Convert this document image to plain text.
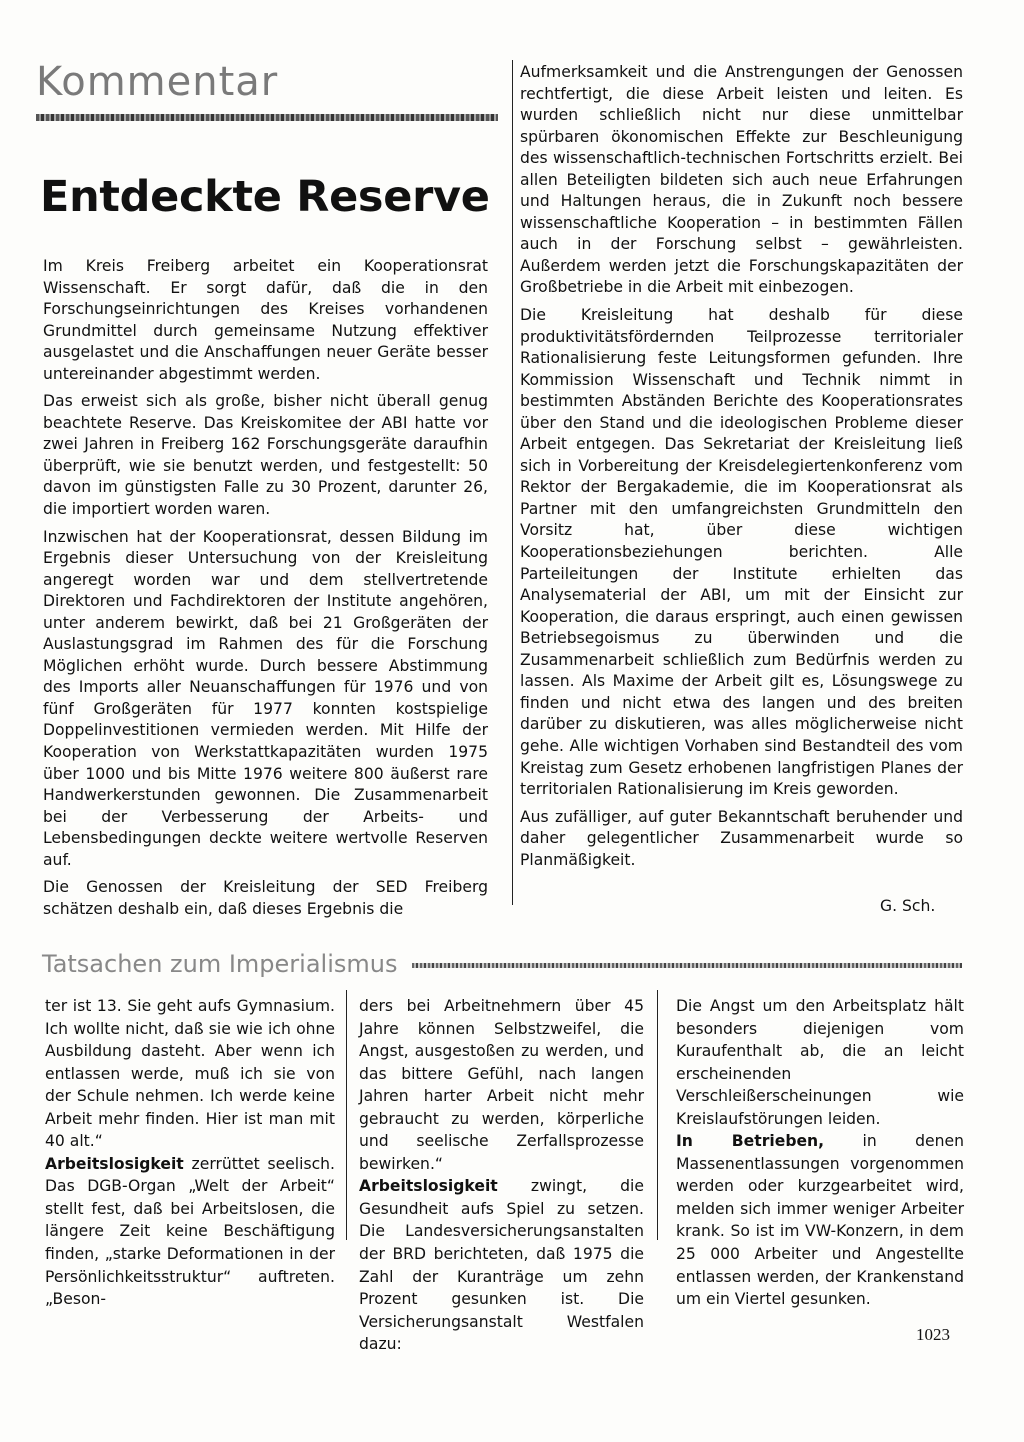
Kommentar
Entdeckte Reserve

Im Kreis Freiberg arbeitet ein Kooperationsrat Wissenschaft. Er sorgt dafür, daß die in den Forschungseinrichtungen des Kreises vorhandenen Grundmittel durch gemeinsame Nutzung effektiver ausgelastet und die Anschaffungen neuer Geräte besser untereinander abgestimmt werden.

Das erweist sich als große, bisher nicht überall genug beachtete Reserve. Das Kreiskomitee der ABI hatte vor zwei Jahren in Freiberg 162 Forschungsgeräte daraufhin überprüft, wie sie benutzt werden, und festgestellt: 50 davon im günstigsten Falle zu 30 Prozent, darunter 26, die importiert worden waren.

Inzwischen hat der Kooperationsrat, dessen Bildung im Ergebnis dieser Untersuchung von der Kreisleitung angeregt worden war und dem stellvertretende Direktoren und Fachdirektoren der Institute angehören, unter anderem bewirkt, daß bei 21 Großgeräten der Auslastungsgrad im Rahmen des für die Forschung Möglichen erhöht wurde. Durch bessere Abstimmung des Imports aller Neuanschaffungen für 1976 und von fünf Großgeräten für 1977 konnten kostspielige Doppelinvestitionen vermieden werden. Mit Hilfe der Kooperation von Werkstattkapazitäten wurden 1975 über 1000 und bis Mitte 1976 weitere 800 äußerst rare Handwerkerstunden gewonnen. Die Zusammenarbeit bei der Verbesserung der Arbeits- und Lebensbedingungen deckte weitere wertvolle Reserven auf.

Die Genossen der Kreisleitung der SED Freiberg schätzen deshalb ein, daß dieses Ergebnis die

Aufmerksamkeit und die Anstrengungen der Genossen rechtfertigt, die diese Arbeit leisten und leiten. Es wurden schließlich nicht nur diese unmittelbar spürbaren ökonomischen Effekte zur Beschleunigung des wissenschaftlich-technischen Fortschritts erzielt. Bei allen Beteiligten bildeten sich auch neue Erfahrungen und Haltungen heraus, die in Zukunft noch bessere wissenschaftliche Kooperation – in bestimmten Fällen auch in der Forschung selbst – gewährleisten. Außerdem werden jetzt die Forschungskapazitäten der Großbetriebe in die Arbeit mit einbezogen.

Die Kreisleitung hat deshalb für diese produktivitätsfördernden Teilprozesse territorialer Rationalisierung feste Leitungsformen gefunden. Ihre Kommission Wissenschaft und Technik nimmt in bestimmten Abständen Berichte des Kooperationsrates über den Stand und die ideologischen Probleme dieser Arbeit entgegen. Das Sekretariat der Kreisleitung ließ sich in Vorbereitung der Kreisdelegiertenkonferenz vom Rektor der Bergakademie, die im Kooperationsrat als Partner mit den umfangreichsten Grundmitteln den Vorsitz hat, über diese wichtigen Kooperationsbeziehungen berichten. Alle Parteileitungen der Institute erhielten das Analysematerial der ABI, um mit der Einsicht zur Kooperation, die daraus erspringt, auch einen gewissen Betriebsegoismus zu überwinden und die Zusammenarbeit schließlich zum Bedürfnis werden zu lassen. Als Maxime der Arbeit gilt es, Lösungswege zu finden und nicht etwa des langen und des breiten darüber zu diskutieren, was alles möglicherweise nicht gehe. Alle wichtigen Vorhaben sind Bestandteil des vom Kreistag zum Gesetz erhobenen langfristigen Planes der territorialen Rationalisierung im Kreis geworden.

Aus zufälliger, auf guter Bekanntschaft beruhender und daher gelegentlicher Zusammenarbeit wurde so Planmäßigkeit.

G. Sch.
Tatsachen zum Imperialismus

ter ist 13. Sie geht aufs Gymnasium. Ich wollte nicht, daß sie wie ich ohne Ausbildung dasteht. Aber wenn ich entlassen werde, muß ich sie von der Schule nehmen. Ich werde keine Arbeit mehr finden. Hier ist man mit 40 alt.“

Arbeitslosigkeit zerrüttet seelisch. Das DGB-Organ „Welt der Arbeit“ stellt fest, daß bei Arbeitslosen, die längere Zeit keine Beschäftigung finden, „starke Deformationen in der Persönlichkeitsstruktur“ auftreten. „Beson-

ders bei Arbeitnehmern über 45 Jahre können Selbstzweifel, die Angst, ausgestoßen zu werden, und das bittere Gefühl, nach langen Jahren harter Arbeit nicht mehr gebraucht zu werden, körperliche und seelische Zerfallsprozesse bewirken.“

Arbeitslosigkeit zwingt, die Gesundheit aufs Spiel zu setzen. Die Landesversicherungsanstalten der BRD berichteten, daß 1975 die Zahl der Kuranträge um zehn Prozent gesunken ist. Die Versicherungsanstalt Westfalen dazu:

Die Angst um den Arbeitsplatz hält besonders diejenigen vom Kuraufenthalt ab, die an leicht erscheinenden Verschleißerscheinungen wie Kreislaufstörungen leiden.

In Betrieben, in denen Massenentlassungen vorgenommen werden oder kurzgearbeitet wird, melden sich immer weniger Arbeiter krank. So ist im VW-Konzern, in dem 25 000 Arbeiter und Angestellte entlassen werden, der Krankenstand um ein Viertel gesunken.

1023
